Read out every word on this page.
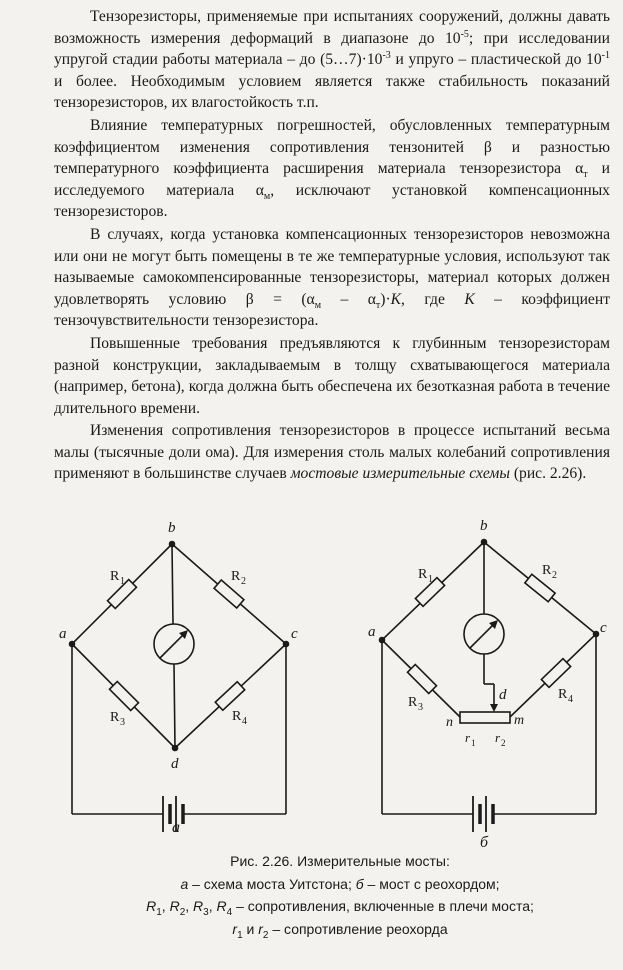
Тензорезисторы, применяемые при испытаниях сооружений, должны давать возможность измерения деформаций в диапазоне до $10^{-5}$; при исследовании упругой стадии работы материала – до $(5\dots 7)\cdot 10^{-3}$ и упруго – пластической до $10^{-1}$ и более. Необходимым условием является также стабильность показаний тензорезисторов, их влагостойкость т.п.

Влияние температурных погрешностей, обусловленных температурным коэффициентом изменения сопротивления тензонитей β и разностью температурного коэффициента расширения материала тензорезистора $\alpha_т$ и исследуемого материала $\alpha_м$, исключают установкой компенсационных тензорезисторов.

В случаях, когда установка компенсационных тензорезисторов невозможна или они не могут быть помещены в те же температурные условия, используют так называемые самокомпенсированные тензорезисторы, материал которых должен удовлетворять условию $\beta = (\alpha_м - \alpha_т)\cdot K$, где K – коэффициент тензочувствительности тензорезистора.

Повышенные требования предъявляются к глубинным тензорезисторам разной конструкции, закладываемым в толщу схватывающегося материала (например, бетона), когда должна быть обеспечена их безотказная работа в течение длительного времени.

Изменения сопротивления тензорезисторов в процессе испытаний весьма малы (тысячные доли ома). Для измерения столь малых колебаний сопротивления применяют в большинстве случаев мостовые измерительные схемы (рис. 2.26).

a
b
c
d
a
R 1	R 2
R 3	R 4
a
b
c
d
n	m
r 1 r 2
б
R 1
R 2
R 3
R 4
Рис. 2.26. Измерительные мосты:
а – схема моста Уитстона; б – мост с реохордом;
$R_1$, $R_2$, $R_3$, $R_4$ – сопротивления, включенные в плечи моста;
$r_1$ и $r_2$ – сопротивление реохорда
